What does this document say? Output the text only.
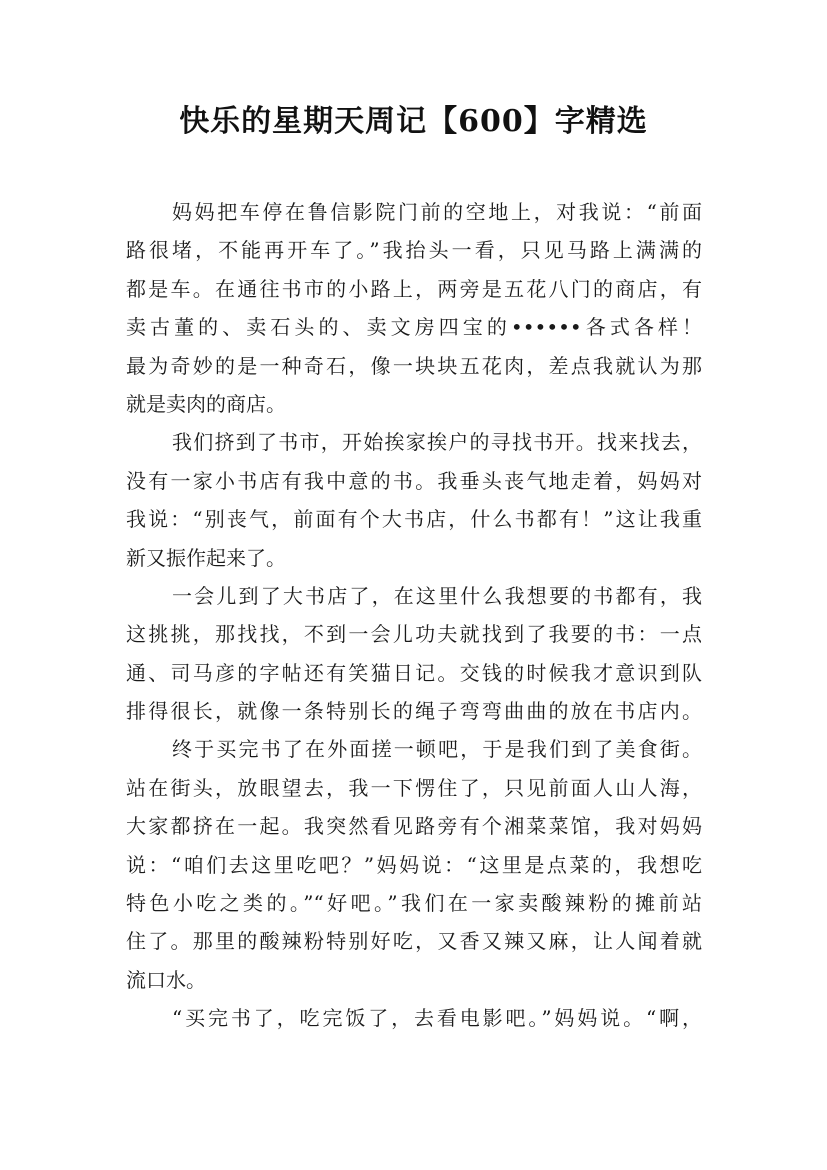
快乐的星期天周记【600】字精选
妈妈把车停在鲁信影院门前的空地上，对我说：“前面
路很堵，不能再开车了。”我抬头一看，只见马路上满满的
都是车。在通往书市的小路上，两旁是五花八门的商店，有
卖古董的、卖石头的、卖文房四宝的••••••各式各样！
最为奇妙的是一种奇石，像一块块五花肉，差点我就认为那
就是卖肉的商店。
我们挤到了书市，开始挨家挨户的寻找书开。找来找去，
没有一家小书店有我中意的书。我垂头丧气地走着，妈妈对
我说：“别丧气，前面有个大书店，什么书都有！”这让我重
新又振作起来了。
一会儿到了大书店了，在这里什么我想要的书都有，我
这挑挑，那找找，不到一会儿功夫就找到了我要的书：一点
通、司马彦的字帖还有笑猫日记。交钱的时候我才意识到队
排得很长，就像一条特别长的绳子弯弯曲曲的放在书店内。
终于买完书了在外面搓一顿吧，于是我们到了美食街。
站在街头，放眼望去，我一下愣住了，只见前面人山人海，
大家都挤在一起。我突然看见路旁有个湘菜菜馆，我对妈妈
说：“咱们去这里吃吧？”妈妈说：“这里是点菜的，我想吃
特色小吃之类的。”“好吧。”我们在一家卖酸辣粉的摊前站
住了。那里的酸辣粉特别好吃，又香又辣又麻，让人闻着就
流口水。
“买完书了，吃完饭了，去看电影吧。”妈妈说。“啊，
